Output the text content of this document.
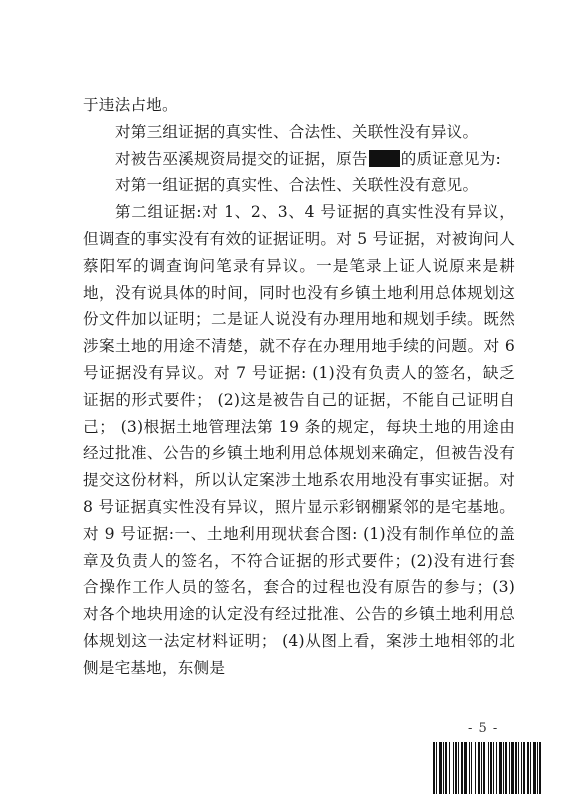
于违法占地。

对第三组证据的真实性、合法性、关联性没有异议。

对被告巫溪规资局提交的证据，原告 的质证意见为:

对第一组证据的真实性、合法性、关联性没有意见。

第二组证据:对 1、2、3、4 号证据的真实性没有异议，但调查的事实没有有效的证据证明。对 5 号证据，对被询问人蔡阳军的调查询问笔录有异议。一是笔录上证人说原来是耕地，没有说具体的时间，同时也没有乡镇土地利用总体规划这份文件加以证明；二是证人说没有办理用地和规划手续。既然涉案土地的用途不清楚，就不存在办理用地手续的问题。对 6 号证据没有异议。对 7 号证据: (1)没有负责人的签名，缺乏证据的形式要件； (2)这是被告自己的证据，不能自己证明自己； (3)根据土地管理法第 19 条的规定，每块土地的用途由经过批准、公告的乡镇土地利用总体规划来确定，但被告没有提交这份材料，所以认定案涉土地系农用地没有事实证据。对 8 号证据真实性没有异议，照片显示彩钢棚紧邻的是宅基地。对 9 号证据:一、土地利用现状套合图: (1)没有制作单位的盖章及负责人的签名，不符合证据的形式要件；(2)没有进行套合操作工作人员的签名，套合的过程也没有原告的参与；(3)对各个地块用途的认定没有经过批准、公告的乡镇土地利用总体规划这一法定材料证明； (4)从图上看，案涉土地相邻的北侧是宅基地，东侧是

- 5 -
